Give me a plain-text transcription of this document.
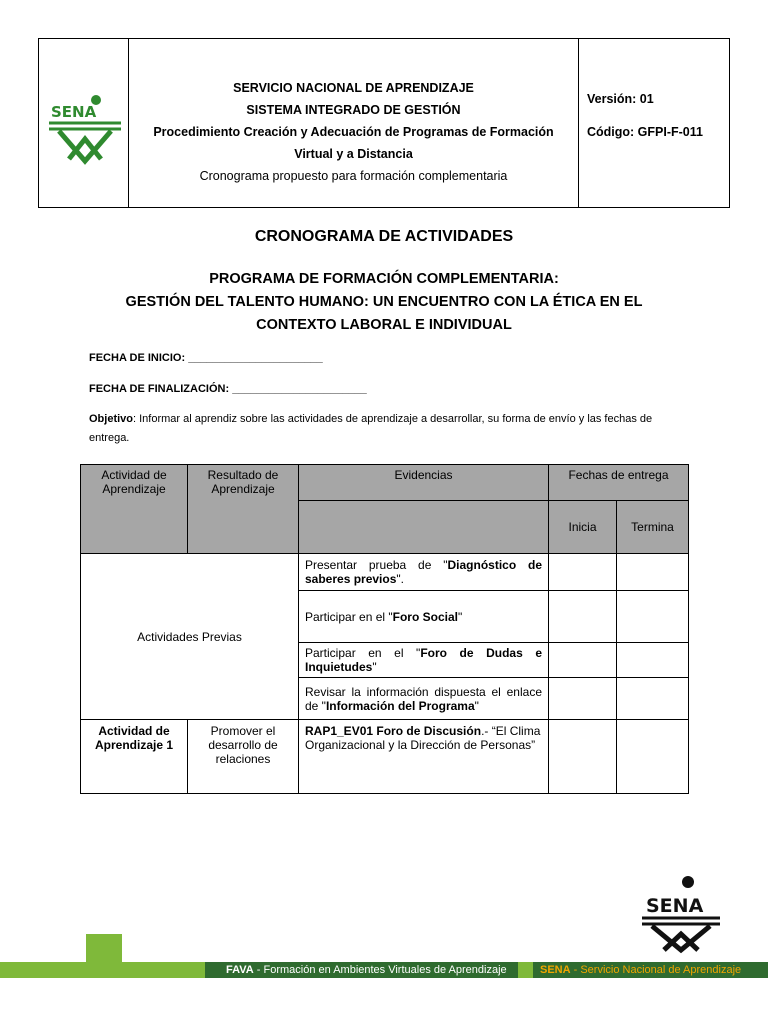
SENA
SERVICIO NACIONAL DE APRENDIZAJE
SISTEMA INTEGRADO DE GESTIÓN
Procedimiento Creación y Adecuación de Programas de Formación
Virtual y a Distancia
Cronograma propuesto para formación complementaria
Versión: 01
Código: GFPI-F-011
CRONOGRAMA DE ACTIVIDADES
PROGRAMA DE FORMACIÓN COMPLEMENTARIA:
GESTIÓN DEL TALENTO HUMANO: UN ENCUENTRO CON LA ÉTICA EN EL
CONTEXTO LABORAL E INDIVIDUAL
FECHA DE INICIO: ______________________
FECHA DE FINALIZACIÓN: ______________________
Objetivo: Informar al aprendiz sobre las actividades de aprendizaje a desarrollar, su forma de envío y las fechas de entrega.
Actividad de Aprendizaje	Resultado de Aprendizaje	Evidencias	Fechas de entrega	
			Inicia	Termina
Actividades Previas		Presentar prueba de "Diagnóstico de saberes previos".		
		Participar en el "Foro Social"		
		Participar en el "Foro de Dudas e Inquietudes"		
		Revisar la información dispuesta el enlace de "Información del Programa"		
Actividad de Aprendizaje 1	Promover el desarrollo de relaciones	RAP1_EV01 Foro de Discusión.- “El Clima Organizacional y la Dirección de Personas”		
FAVA - Formación en Ambientes Virtuales de Aprendizaje	SENA - Servicio Nacional de Aprendizaje
SENA
